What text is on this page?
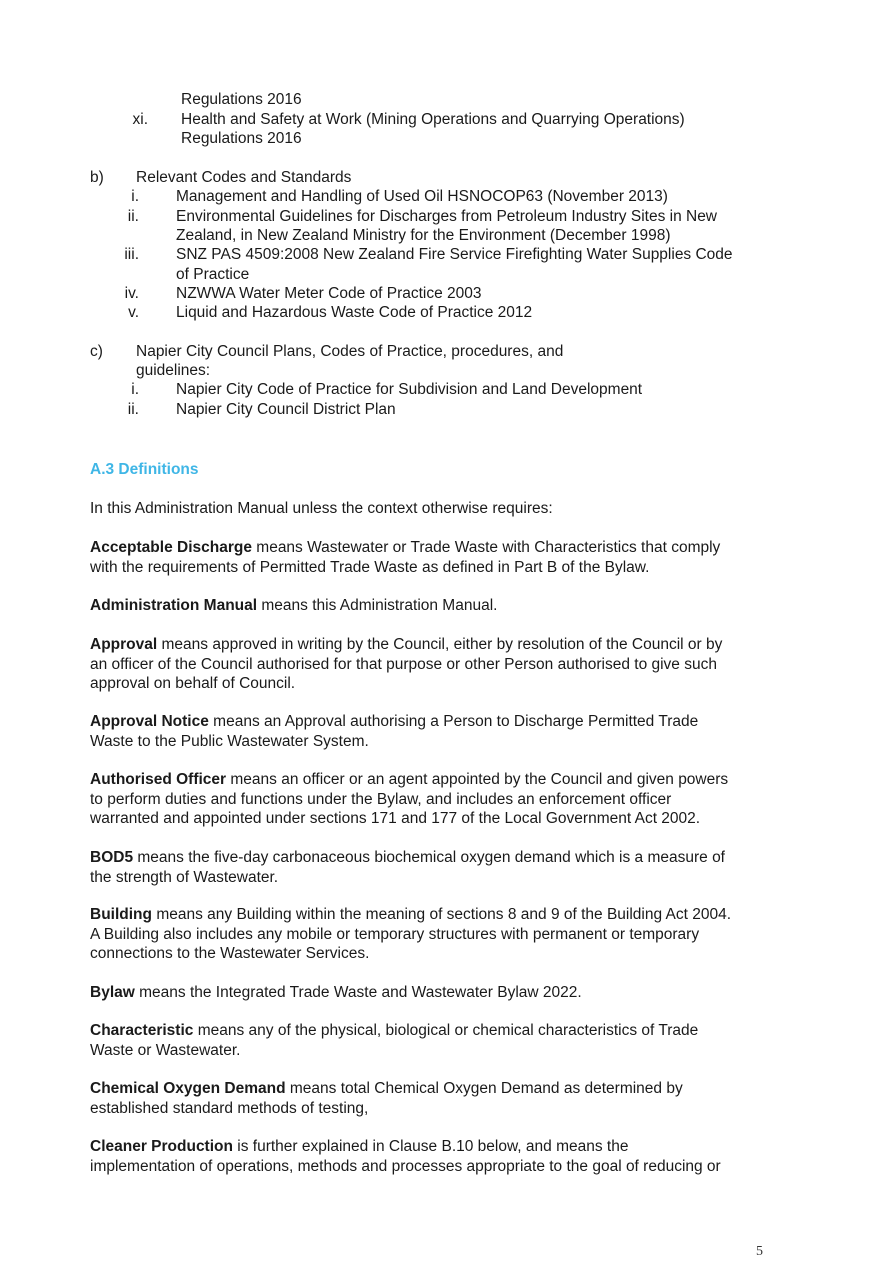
Regulations 2016
xi. Health and Safety at Work (Mining Operations and Quarrying Operations)
Regulations 2016
b) Relevant Codes and Standards
i. Management and Handling of Used Oil HSNOCOP63 (November 2013)
ii. Environmental Guidelines for Discharges from Petroleum Industry Sites in New
Zealand, in New Zealand Ministry for the Environment (December 1998)
iii. SNZ PAS 4509:2008 New Zealand Fire Service Firefighting Water Supplies Code
of Practice
iv. NZWWA Water Meter Code of Practice 2003
v. Liquid and Hazardous Waste Code of Practice 2012
c) Napier City Council Plans, Codes of Practice, procedures, and
guidelines:
i. Napier City Code of Practice for Subdivision and Land Development
ii. Napier City Council District Plan
A.3 Definitions
In this Administration Manual unless the context otherwise requires:

Acceptable Discharge means Wastewater or Trade Waste with Characteristics that comply

with the requirements of Permitted Trade Waste as defined in Part B of the Bylaw.

Administration Manual means this Administration Manual.

Approval means approved in writing by the Council, either by resolution of the Council or by

an officer of the Council authorised for that purpose or other Person authorised to give such

approval on behalf of Council.

Approval Notice means an Approval authorising a Person to Discharge Permitted Trade

Waste to the Public Wastewater System.

Authorised Officer means an officer or an agent appointed by the Council and given powers

to perform duties and functions under the Bylaw, and includes an enforcement officer

warranted and appointed under sections 171 and 177 of the Local Government Act 2002.

BOD5 means the five-day carbonaceous biochemical oxygen demand which is a measure of

the strength of Wastewater.

Building means any Building within the meaning of sections 8 and 9 of the Building Act 2004.

A Building also includes any mobile or temporary structures with permanent or temporary

connections to the Wastewater Services.

Bylaw means the Integrated Trade Waste and Wastewater Bylaw 2022.

Characteristic means any of the physical, biological or chemical characteristics of Trade

Waste or Wastewater.

Chemical Oxygen Demand means total Chemical Oxygen Demand as determined by

established standard methods of testing,

Cleaner Production is further explained in Clause B.10 below, and means the

implementation of operations, methods and processes appropriate to the goal of reducing or

5
